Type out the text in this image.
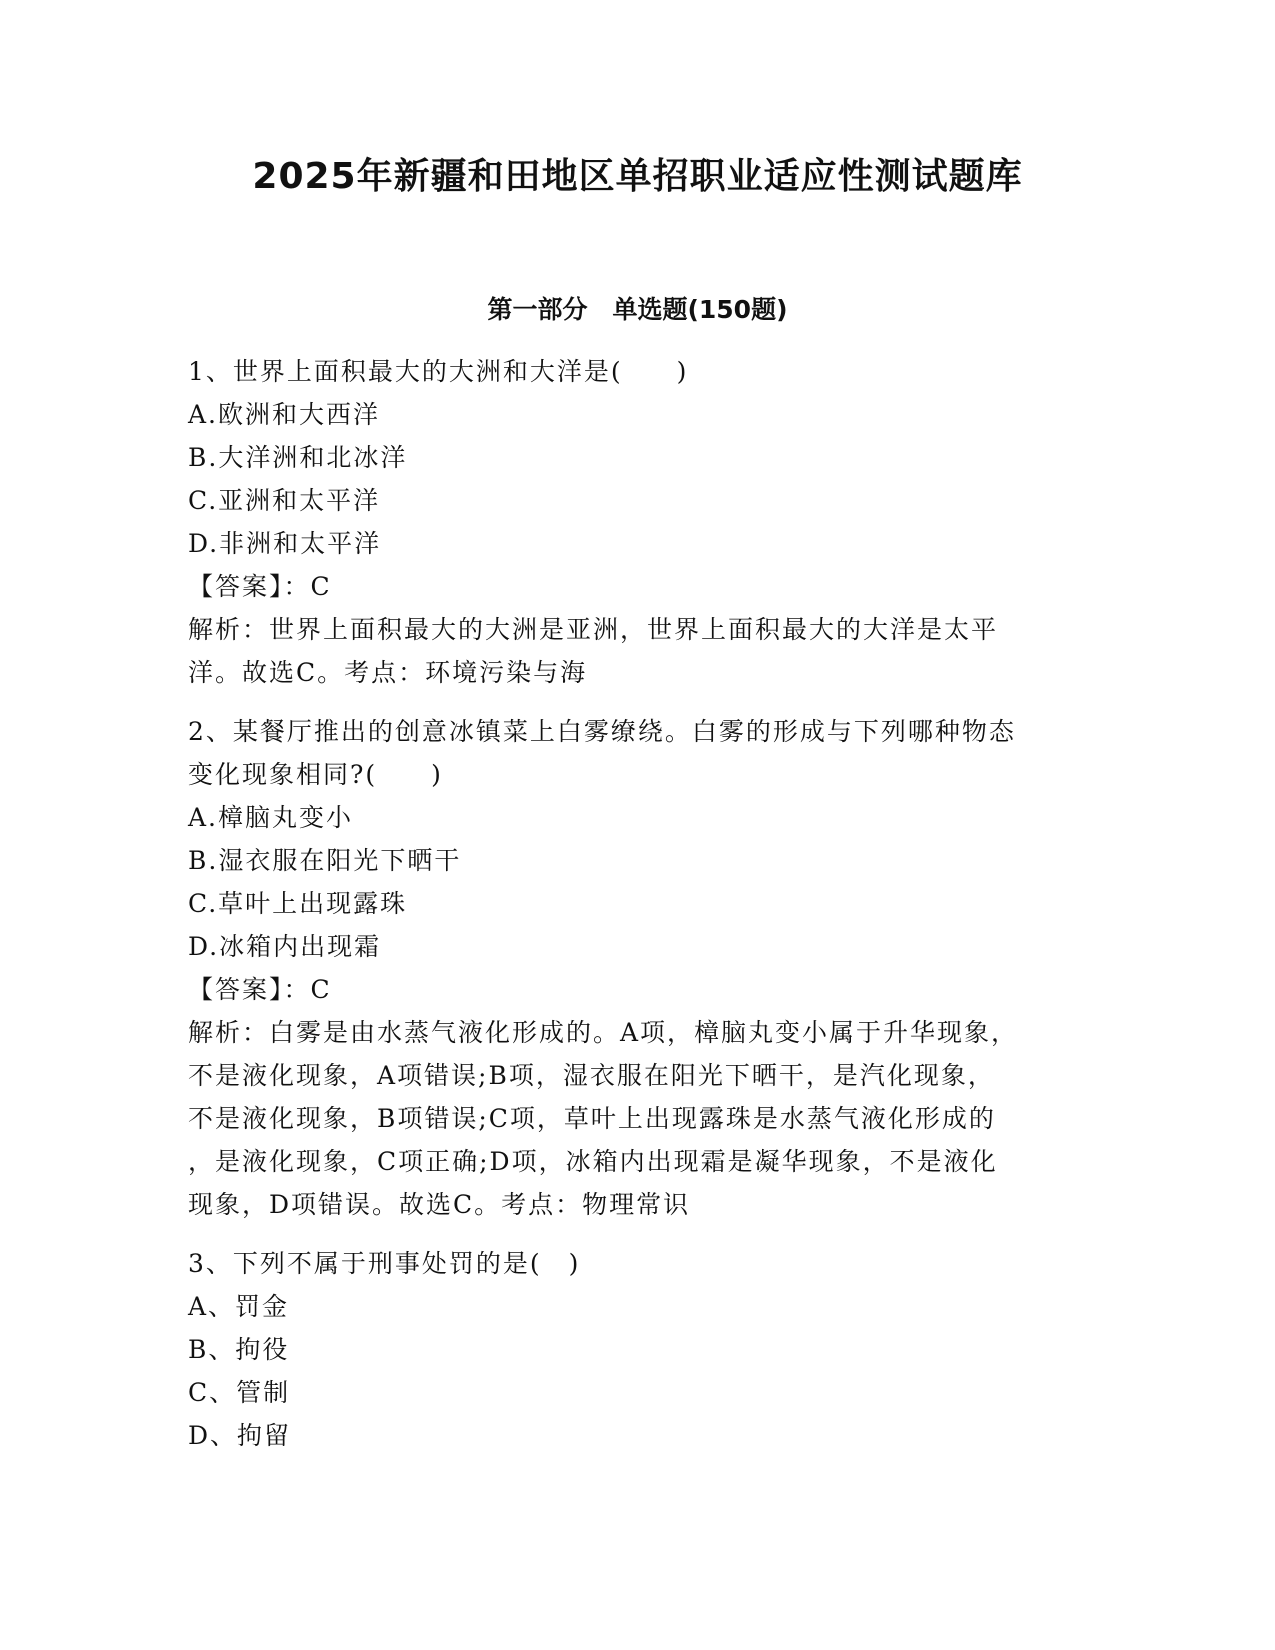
2025年新疆和田地区单招职业适应性测试题库
第一部分　单选题(150题)
1、世界上面积最大的大洲和大洋是(　　)
A.欧洲和大西洋
B.大洋洲和北冰洋
C.亚洲和太平洋
D.非洲和太平洋
【答案】：C
解析：世界上面积最大的大洲是亚洲，世界上面积最大的大洋是太平
洋。故选C。考点：环境污染与海
2、某餐厅推出的创意冰镇菜上白雾缭绕。白雾的形成与下列哪种物态
变化现象相同?(　　)
A.樟脑丸变小
B.湿衣服在阳光下晒干
C.草叶上出现露珠
D.冰箱内出现霜
【答案】：C
解析：白雾是由水蒸气液化形成的。A项，樟脑丸变小属于升华现象，
不是液化现象，A项错误;B项，湿衣服在阳光下晒干，是汽化现象，
不是液化现象，B项错误;C项，草叶上出现露珠是水蒸气液化形成的
，是液化现象，C项正确;D项，冰箱内出现霜是凝华现象，不是液化
现象，D项错误。故选C。考点：物理常识
3、下列不属于刑事处罚的是(　)
A、罚金
B、拘役
C、管制
D、拘留
